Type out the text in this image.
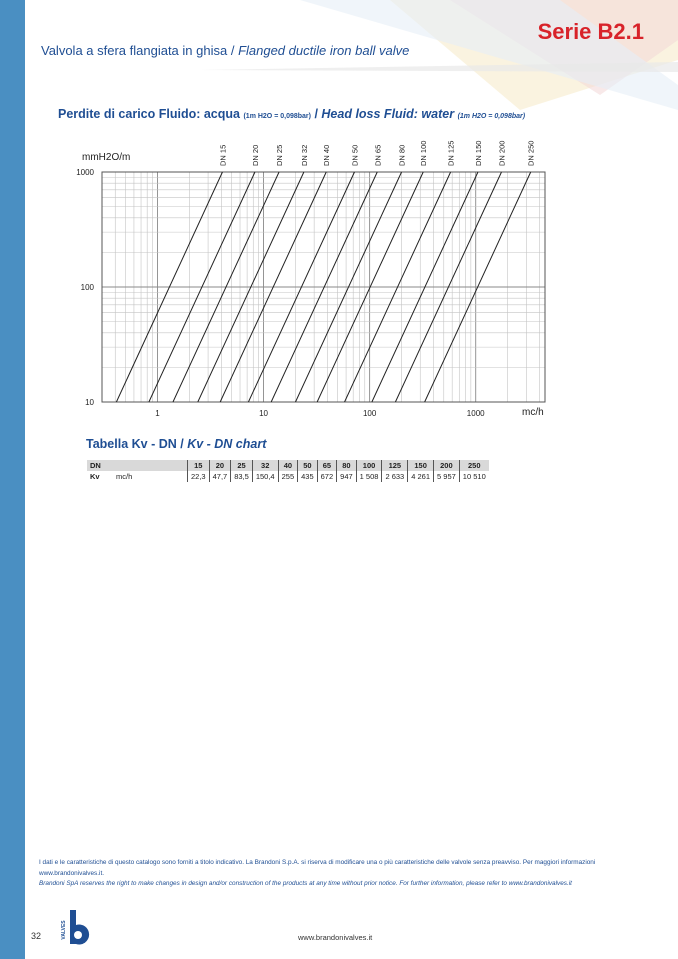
Serie B2.1
Valvola a sfera flangiata in ghisa / Flanged ductile iron ball valve
Perdite di carico Fluido: acqua (1m H2O = 0,098bar) / Head loss Fluid: water (1m H2O = 0,098bar)
DN 15	DN 20 DN 25 DN 32 DN 40	DN 50 DN 65 DN 80 DN 100 DN 125 DN 150 DN 200	DN 250
1000
100
10
1	10	100	1000
mmH2O/m
mc/h
Tabella Kv - DN / Kv - DN chart
DN		15	20	25	32	40	50	65	80	100	125	150	200	250
Kv	mc/h	22,3	47,7	83,5	150,4	255	435	672	947	1 508	2 633	4 261	5 957	10 510
I dati e le caratteristiche di questo catalogo sono forniti a titolo indicativo. La Brandoni S.p.A. si riserva di modificare una o più caratteristiche delle valvole senza preavviso. Per maggiori informazioni www.brandonivalves.it.
Brandoni SpA reserves the right to make changes in design and/or construction of the products at any time without prior notice. For further information, please refer to www.brandonivalves.it
32	VALVES	www.brandonivalves.it
